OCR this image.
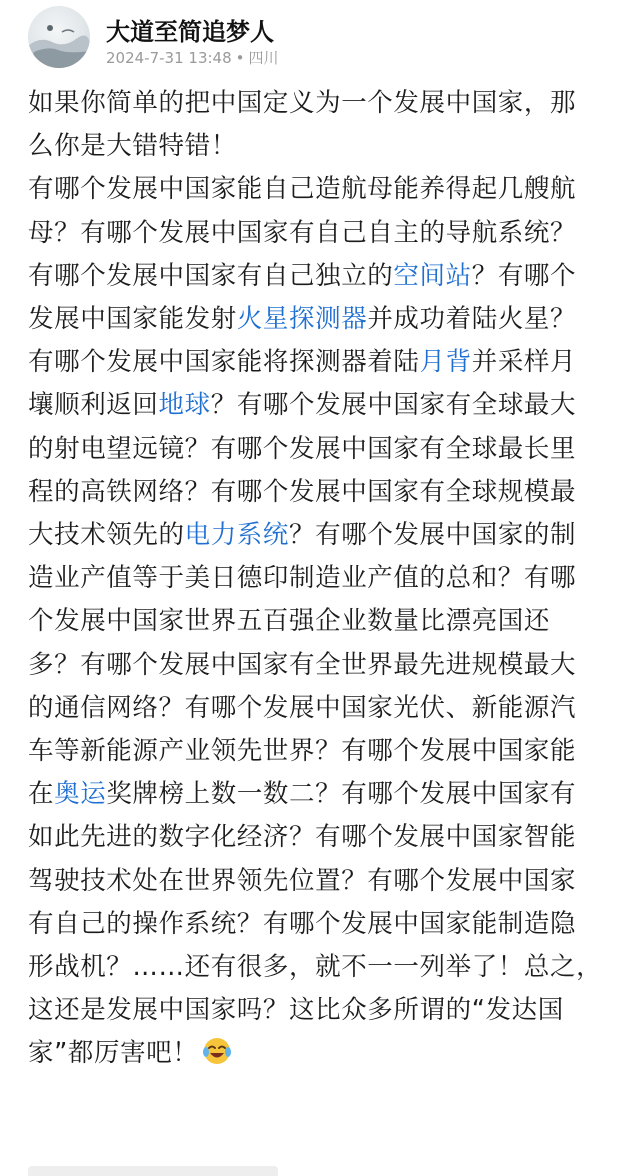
大道至简追梦人
2024-7-31 13:48 • 四川
如果你简单的把中国定义为一个发展中国家，那
么你是大错特错！
有哪个发展中国家能自己造航母能养得起几艘航
母？有哪个发展中国家有自己自主的导航系统？
有哪个发展中国家有自己独立的空间站？有哪个
发展中国家能发射火星探测器并成功着陆火星？
有哪个发展中国家能将探测器着陆月背并采样月
壤顺利返回地球？有哪个发展中国家有全球最大
的射电望远镜？有哪个发展中国家有全球最长里
程的高铁网络？有哪个发展中国家有全球规模最
大技术领先的电力系统？有哪个发展中国家的制
造业产值等于美日德印制造业产值的总和？有哪
个发展中国家世界五百强企业数量比漂亮国还
多？有哪个发展中国家有全世界最先进规模最大
的通信网络？有哪个发展中国家光伏、新能源汽
车等新能源产业领先世界？有哪个发展中国家能
在奥运奖牌榜上数一数二？有哪个发展中国家有
如此先进的数字化经济？有哪个发展中国家智能
驾驶技术处在世界领先位置？有哪个发展中国家
有自己的操作系统？有哪个发展中国家能制造隐
形战机？……还有很多，就不一一列举了！总之，
这还是发展中国家吗？这比众多所谓的“发达国
家”都厉害吧！
